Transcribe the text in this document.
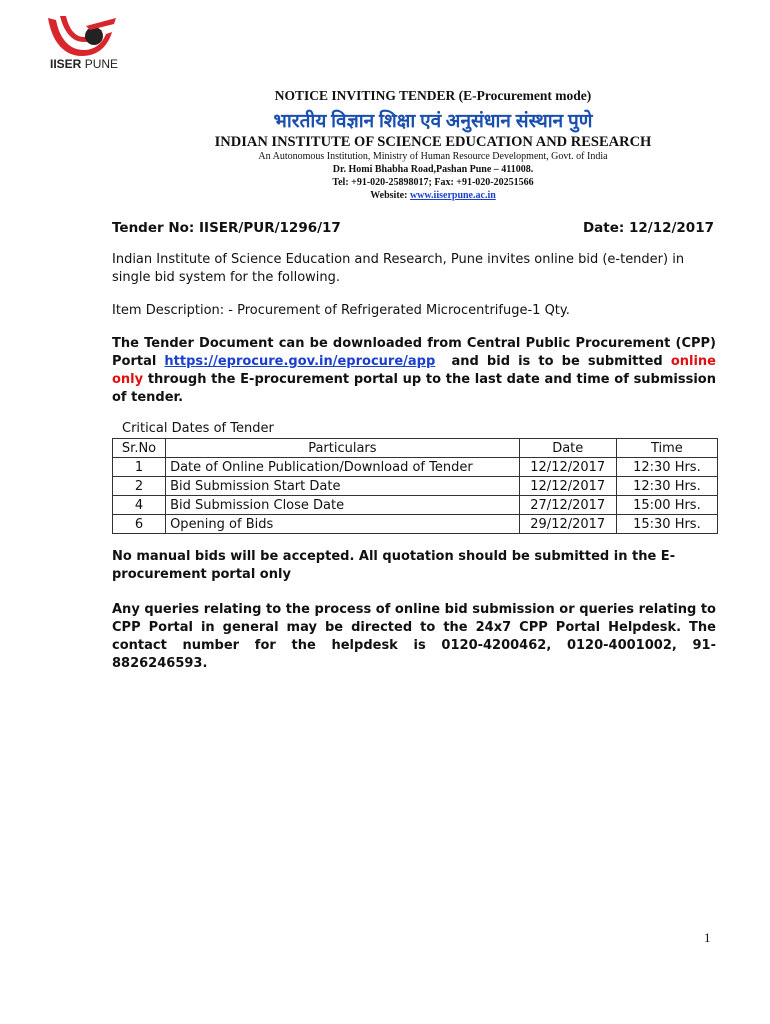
IISER PUNE
NOTICE INVITING TENDER (E-Procurement mode)
भारतीय विज्ञान शिक्षा एवं अनुसंधान संस्थान पुणे
INDIAN INSTITUTE OF SCIENCE EDUCATION AND RESEARCH
An Autonomous Institution, Ministry of Human Resource Development, Govt. of India
Dr. Homi Bhabha Road,Pashan Pune – 411008.
Tel: +91-020-25898017; Fax: +91-020-20251566
Website: www.iiserpune.ac.in
Tender No: IISER/PUR/1296/17	Date: 12/12/2017
Indian Institute of Science Education and Research, Pune invites online bid (e-tender) in single bid system for the following.
Item Description: - Procurement of Refrigerated Microcentrifuge-1 Qty.
The Tender Document can be downloaded from Central Public Procurement (CPP) Portal https://eprocure.gov.in/eprocure/app  and bid is to be submitted online only through the E-procurement portal up to the last date and time of submission of tender.
Critical Dates of Tender
Sr.No	Particulars	Date	Time
1	Date of Online Publication/Download of Tender	12/12/2017	12:30 Hrs.
2	Bid Submission Start Date	12/12/2017	12:30 Hrs.
4	Bid Submission Close Date	27/12/2017	15:00 Hrs.
6	Opening of Bids	29/12/2017	15:30 Hrs.
No manual bids will be accepted. All quotation should be submitted in the E-procurement portal only
Any queries relating to the process of online bid submission or queries relating to CPP Portal in general may be directed to the 24x7 CPP Portal Helpdesk. The contact number for the helpdesk is 0120-4200462, 0120-4001002, 91-8826246593.
1
